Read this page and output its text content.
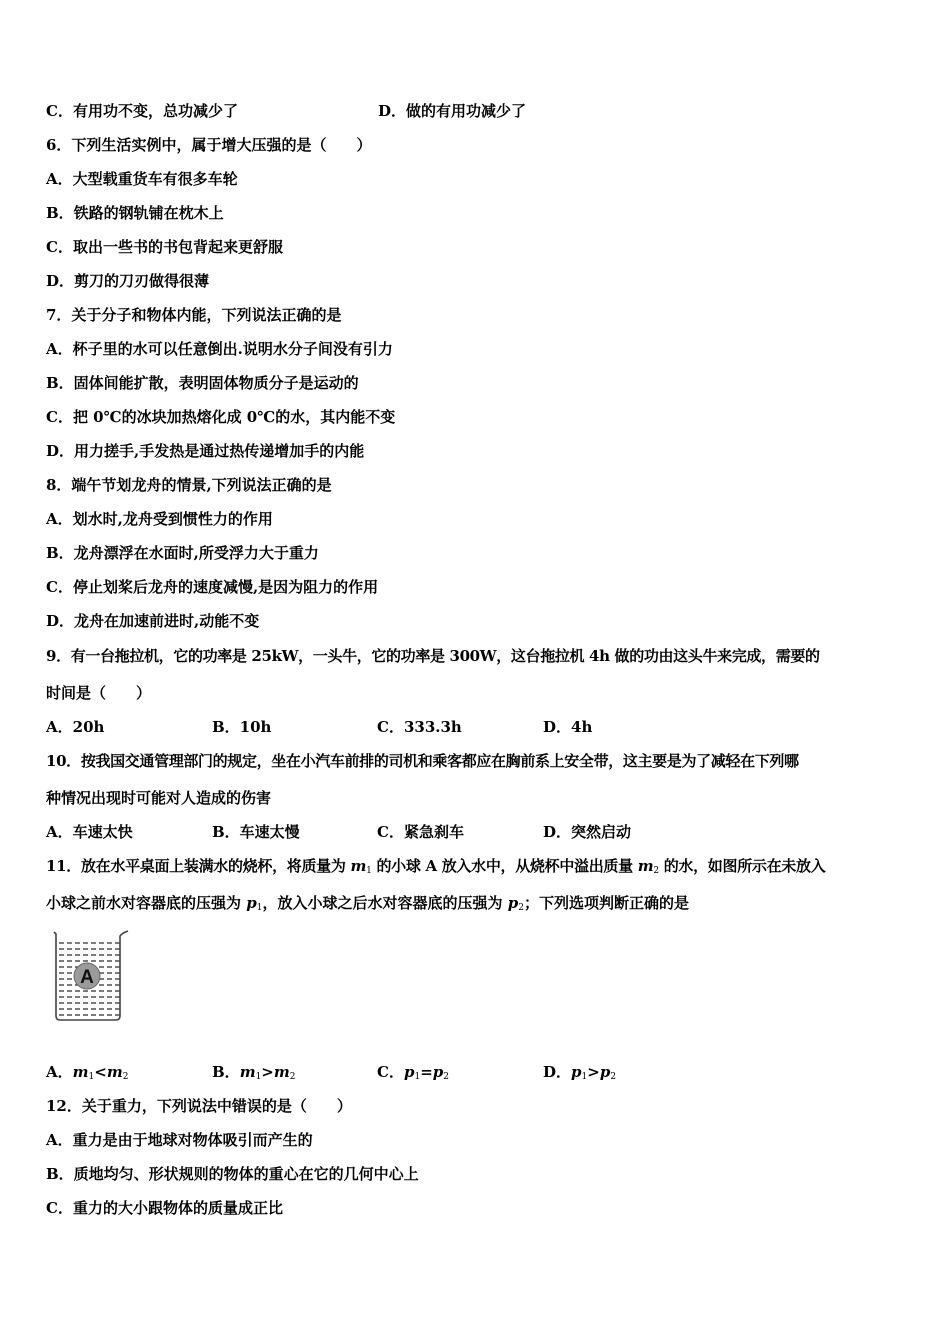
C．有用功不变，总功减少了	D．做的有用功减少了
6．下列生活实例中，属于增大压强的是（　　）
A．大型载重货车有很多车轮
B．铁路的钢轨铺在枕木上
C．取出一些书的书包背起来更舒服
D．剪刀的刀刃做得很薄
7．关于分子和物体内能，下列说法正确的是
A．杯子里的水可以任意倒出.说明水分子间没有引力
B．固体间能扩散，表明固体物质分子是运动的
C．把 0℃的冰块加热熔化成 0℃的水，其内能不变
D．用力搓手,手发热是通过热传递增加手的内能
8．端午节划龙舟的情景,下列说法正确的是
A．划水时,龙舟受到惯性力的作用
B．龙舟漂浮在水面时,所受浮力大于重力
C．停止划桨后龙舟的速度减慢,是因为阻力的作用
D．龙舟在加速前进时,动能不变
9．有一台拖拉机，它的功率是 25kW，一头牛，它的功率是 300W，这台拖拉机 4h 做的功由这头牛来完成，需要的
时间是（　　）
A．20h	B．10h	C．333.3h	D．4h
10．按我国交通管理部门的规定，坐在小汽车前排的司机和乘客都应在胸前系上安全带，这主要是为了减轻在下列哪
种情况出现时可能对人造成的伤害
A．车速太快	B．车速太慢	C．紧急刹车	D．突然启动
11．放在水平桌面上装满水的烧杯，将质量为 $m_1$ 的小球 A 放入水中，从烧杯中溢出质量 $m_2$ 的水，如图所示在未放入
小球之前水对容器底的压强为 $p_1$，放入小球之后水对容器底的压强为 $p_2$；下列选项判断正确的是
A
A．$m_1<m_2$	B．$m_1>m_2$	C．$p_1=p_2$	D．$p_1>p_2$
12．关于重力，下列说法中错误的是（　　）
A．重力是由于地球对物体吸引而产生的
B．质地均匀、形状规则的物体的重心在它的几何中心上
C．重力的大小跟物体的质量成正比
